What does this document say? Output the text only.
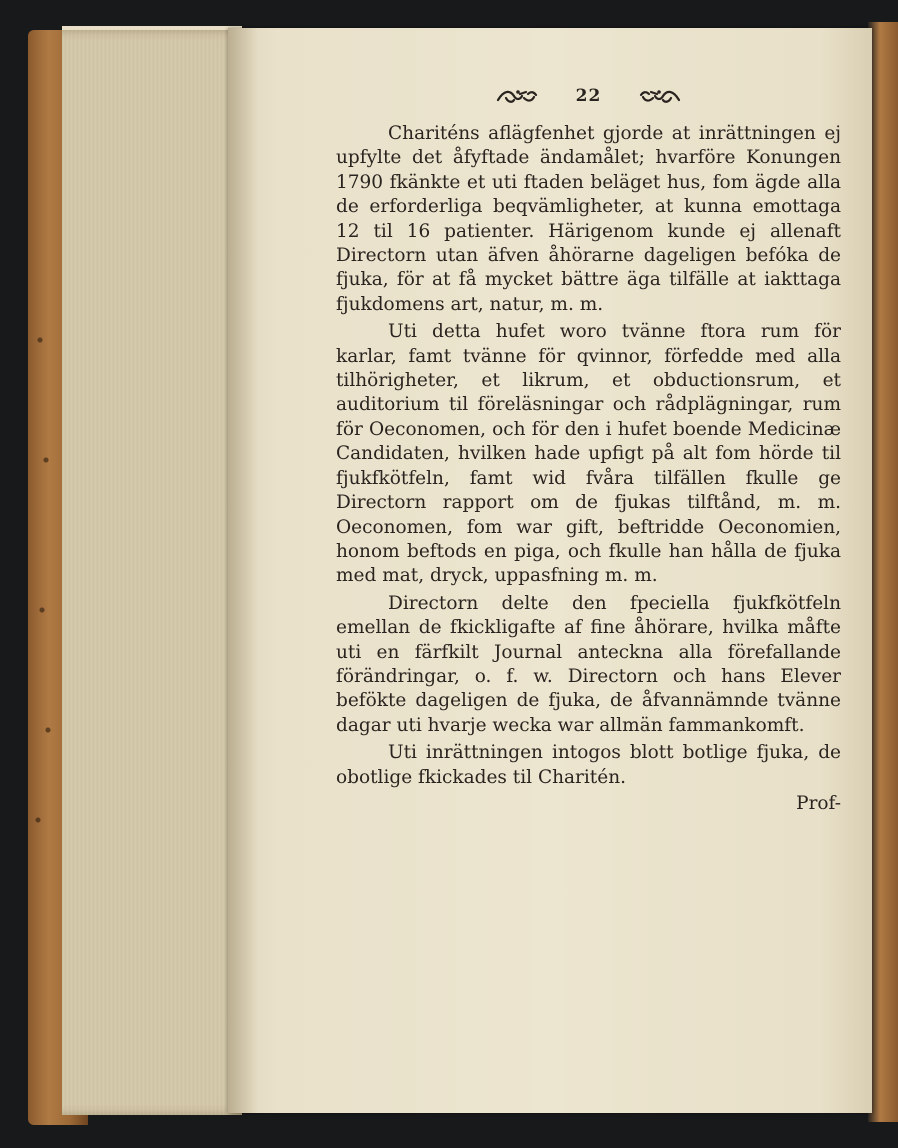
22

Chariténs aflägfenhet gjorde at inrättningen ej upfylte det åfyftade ändamålet; hvarföre Konungen 1790 fkänkte et uti ftaden beläget hus, fom ägde alla de erforderliga beqvämligheter, at kunna emottaga 12 til 16 patienter. Härigenom kunde ej allenaft Directorn utan äfven åhörarne dageligen befóka de fjuka, för at få mycket bättre äga tilfälle at iakttaga fjukdomens art, natur, m. m.

Uti detta hufet woro tvänne ftora rum för karlar, famt tvänne för qvinnor, förfedde med alla tilhörigheter, et likrum, et obductionsrum, et auditorium til föreläsningar och rådplägningar, rum för Oeconomen, och för den i hufet boende Medicinæ Candidaten, hvilken hade upfigt på alt fom hörde til fjukfkötfeln, famt wid fvåra tilfällen fkulle ge Directorn rapport om de fjukas tilftånd, m. m. Oeconomen, fom war gift, beftridde Oeconomien, honom beftods en piga, och fkulle han hålla de fjuka med mat, dryck, uppasfning m. m.

Directorn delte den fpeciella fjukfkötfeln emellan de fkickligafte af fine åhörare, hvilka måfte uti en färfkilt Journal anteckna alla förefallande förändringar, o. f. w. Directorn och hans Elever befökte dageligen de fjuka, de åfvannämnde tvänne dagar uti hvarje wecka war allmän fammankomft.

Uti inrättningen intogos blott botlige fjuka, de obotlige fkickades til Charitén.

Prof-
